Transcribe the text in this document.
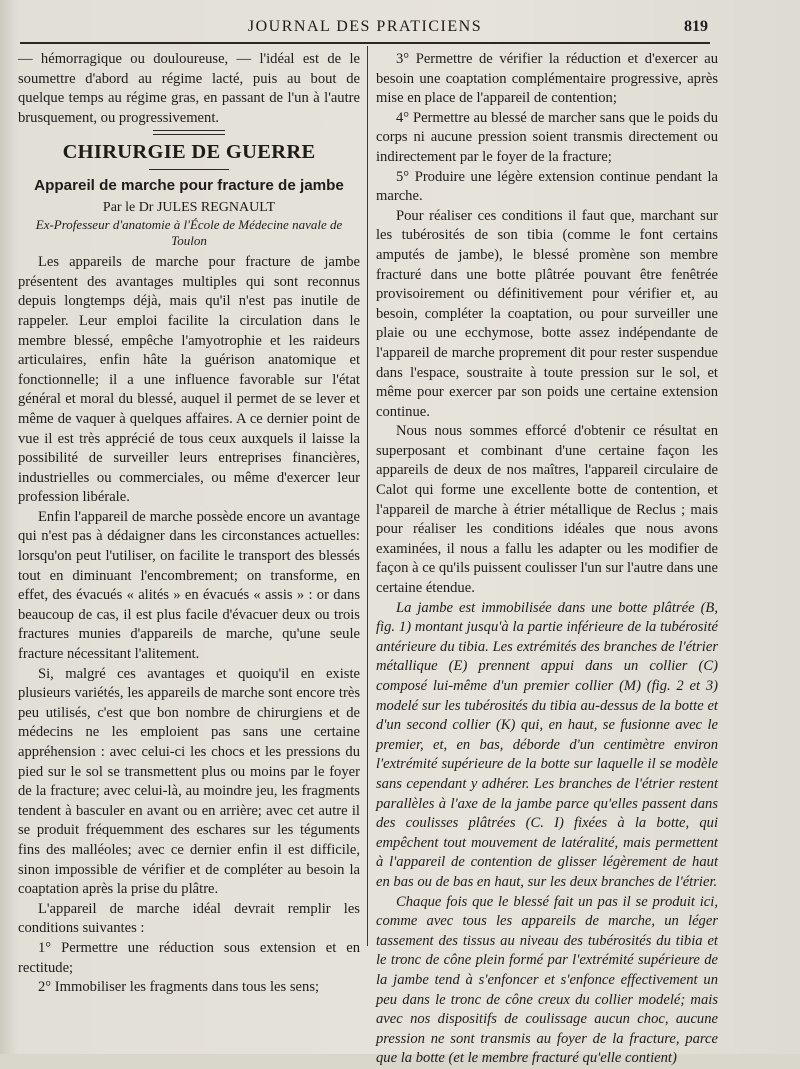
JOURNAL DES PRATICIENS	819

— hémorragique ou douloureuse, — l'idéal est de le soumettre d'abord au régime lacté, puis au bout de quelque temps au régime gras, en passant de l'un à l'autre brusquement, ou progressivement.

CHIRURGIE DE GUERRE
Appareil de marche pour fracture de jambe

Par le Dr JULES REGNAULT

Ex-Professeur d'anatomie à l'École de Médecine navale de Toulon

Les appareils de marche pour fracture de jambe présentent des avantages multiples qui sont reconnus depuis longtemps déjà, mais qu'il n'est pas inutile de rappeler. Leur emploi facilite la circulation dans le membre blessé, empêche l'amyotrophie et les raideurs articulaires, enfin hâte la guérison anatomique et fonctionnelle; il a une influence favorable sur l'état général et moral du blessé, auquel il permet de se lever et même de vaquer à quelques affaires. A ce dernier point de vue il est très apprécié de tous ceux auxquels il laisse la possibilité de surveiller leurs entreprises financières, industrielles ou commerciales, ou même d'exercer leur profession libérale.

Enfin l'appareil de marche possède encore un avantage qui n'est pas à dédaigner dans les circonstances actuelles: lorsqu'on peut l'utiliser, on facilite le transport des blessés tout en diminuant l'encombrement; on transforme, en effet, des évacués « alités » en évacués « assis » : or dans beaucoup de cas, il est plus facile d'évacuer deux ou trois fractures munies d'appareils de marche, qu'une seule fracture nécessitant l'alitement.

Si, malgré ces avantages et quoiqu'il en existe plusieurs variétés, les appareils de marche sont encore très peu utilisés, c'est que bon nombre de chirurgiens et de médecins ne les emploient pas sans une certaine appréhension : avec celui-ci les chocs et les pressions du pied sur le sol se transmettent plus ou moins par le foyer de la fracture; avec celui-là, au moindre jeu, les fragments tendent à basculer en avant ou en arrière; avec cet autre il se produit fréquemment des eschares sur les téguments fins des malléoles; avec ce dernier enfin il est difficile, sinon impossible de vérifier et de compléter au besoin la coaptation après la prise du plâtre.

L'appareil de marche idéal devrait remplir les conditions suivantes :

1° Permettre une réduction sous extension et en rectitude;

2° Immobiliser les fragments dans tous les sens;

3° Permettre de vérifier la réduction et d'exercer au besoin une coaptation complémentaire progressive, après mise en place de l'appareil de contention;

4° Permettre au blessé de marcher sans que le poids du corps ni aucune pression soient transmis directement ou indirectement par le foyer de la fracture;

5° Produire une légère extension continue pendant la marche.

Pour réaliser ces conditions il faut que, marchant sur les tubérosités de son tibia (comme le font certains amputés de jambe), le blessé promène son membre fracturé dans une botte plâtrée pouvant être fenêtrée provisoirement ou définitivement pour vérifier et, au besoin, compléter la coaptation, ou pour surveiller une plaie ou une ecchymose, botte assez indépendante de l'appareil de marche proprement dit pour rester suspendue dans l'espace, soustraite à toute pression sur le sol, et même pour exercer par son poids une certaine extension continue.

Nous nous sommes efforcé d'obtenir ce résultat en superposant et combinant d'une certaine façon les appareils de deux de nos maîtres, l'appareil circulaire de Calot qui forme une excellente botte de contention, et l'appareil de marche à étrier métallique de Reclus ; mais pour réaliser les conditions idéales que nous avons examinées, il nous a fallu les adapter ou les modifier de façon à ce qu'ils puissent coulisser l'un sur l'autre dans une certaine étendue.

La jambe est immobilisée dans une botte plâtrée (B, fig. 1) montant jusqu'à la partie inférieure de la tubérosité antérieure du tibia. Les extrémités des branches de l'étrier métallique (E) prennent appui dans un collier (C) composé lui-même d'un premier collier (M) (fig. 2 et 3) modelé sur les tubérosités du tibia au-dessus de la botte et d'un second collier (K) qui, en haut, se fusionne avec le premier, et, en bas, déborde d'un centimètre environ l'extrémité supérieure de la botte sur laquelle il se modèle sans cependant y adhérer. Les branches de l'étrier restent parallèles à l'axe de la jambe parce qu'elles passent dans des coulisses plâtrées (C. I) fixées à la botte, qui empêchent tout mouvement de latéralité, mais permettent à l'appareil de contention de glisser légèrement de haut en bas ou de bas en haut, sur les deux branches de l'étrier.

Chaque fois que le blessé fait un pas il se produit ici, comme avec tous les appareils de marche, un léger tassement des tissus au niveau des tubérosités du tibia et le tronc de cône plein formé par l'extrémité supérieure de la jambe tend à s'enfoncer et s'enfonce effectivement un peu dans le tronc de cône creux du collier modelé; mais avec nos dispositifs de coulissage aucun choc, aucune pression ne sont transmis au foyer de la fracture, parce que la botte (et le membre fracturé qu'elle contient)
